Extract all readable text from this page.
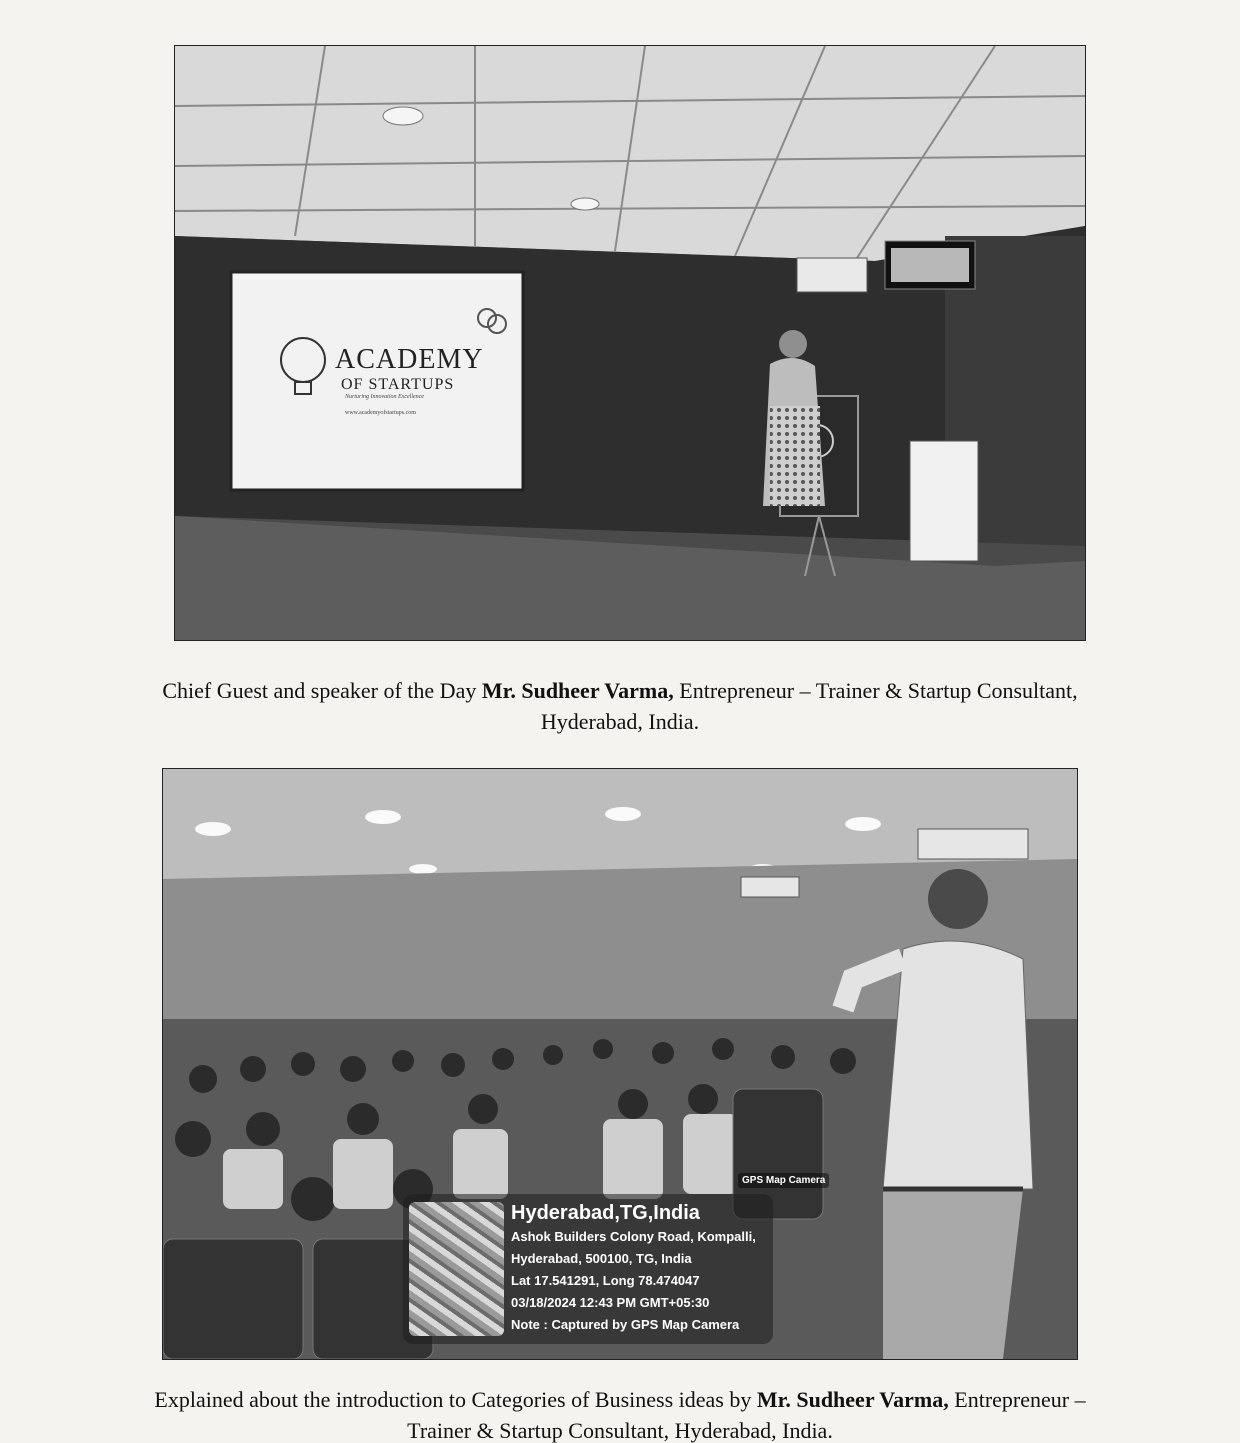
ACADEMY
OF STARTUPS
Nurturing Innovation Excellence
www.academyofstartups.com
Chief Guest and speaker of the Day Mr. Sudheer Varma, Entrepreneur – Trainer & Startup Consultant,
Hyderabad, India.
GPS Map Camera
Hyderabad,TG,India
Ashok Builders Colony Road, Kompalli,
Hyderabad, 500100, TG, India
Lat 17.541291, Long 78.474047
03/18/2024 12:43 PM GMT+05:30
Note : Captured by GPS Map Camera
Explained about the introduction to Categories of Business ideas by Mr. Sudheer Varma, Entrepreneur –
Trainer & Startup Consultant, Hyderabad, India.
